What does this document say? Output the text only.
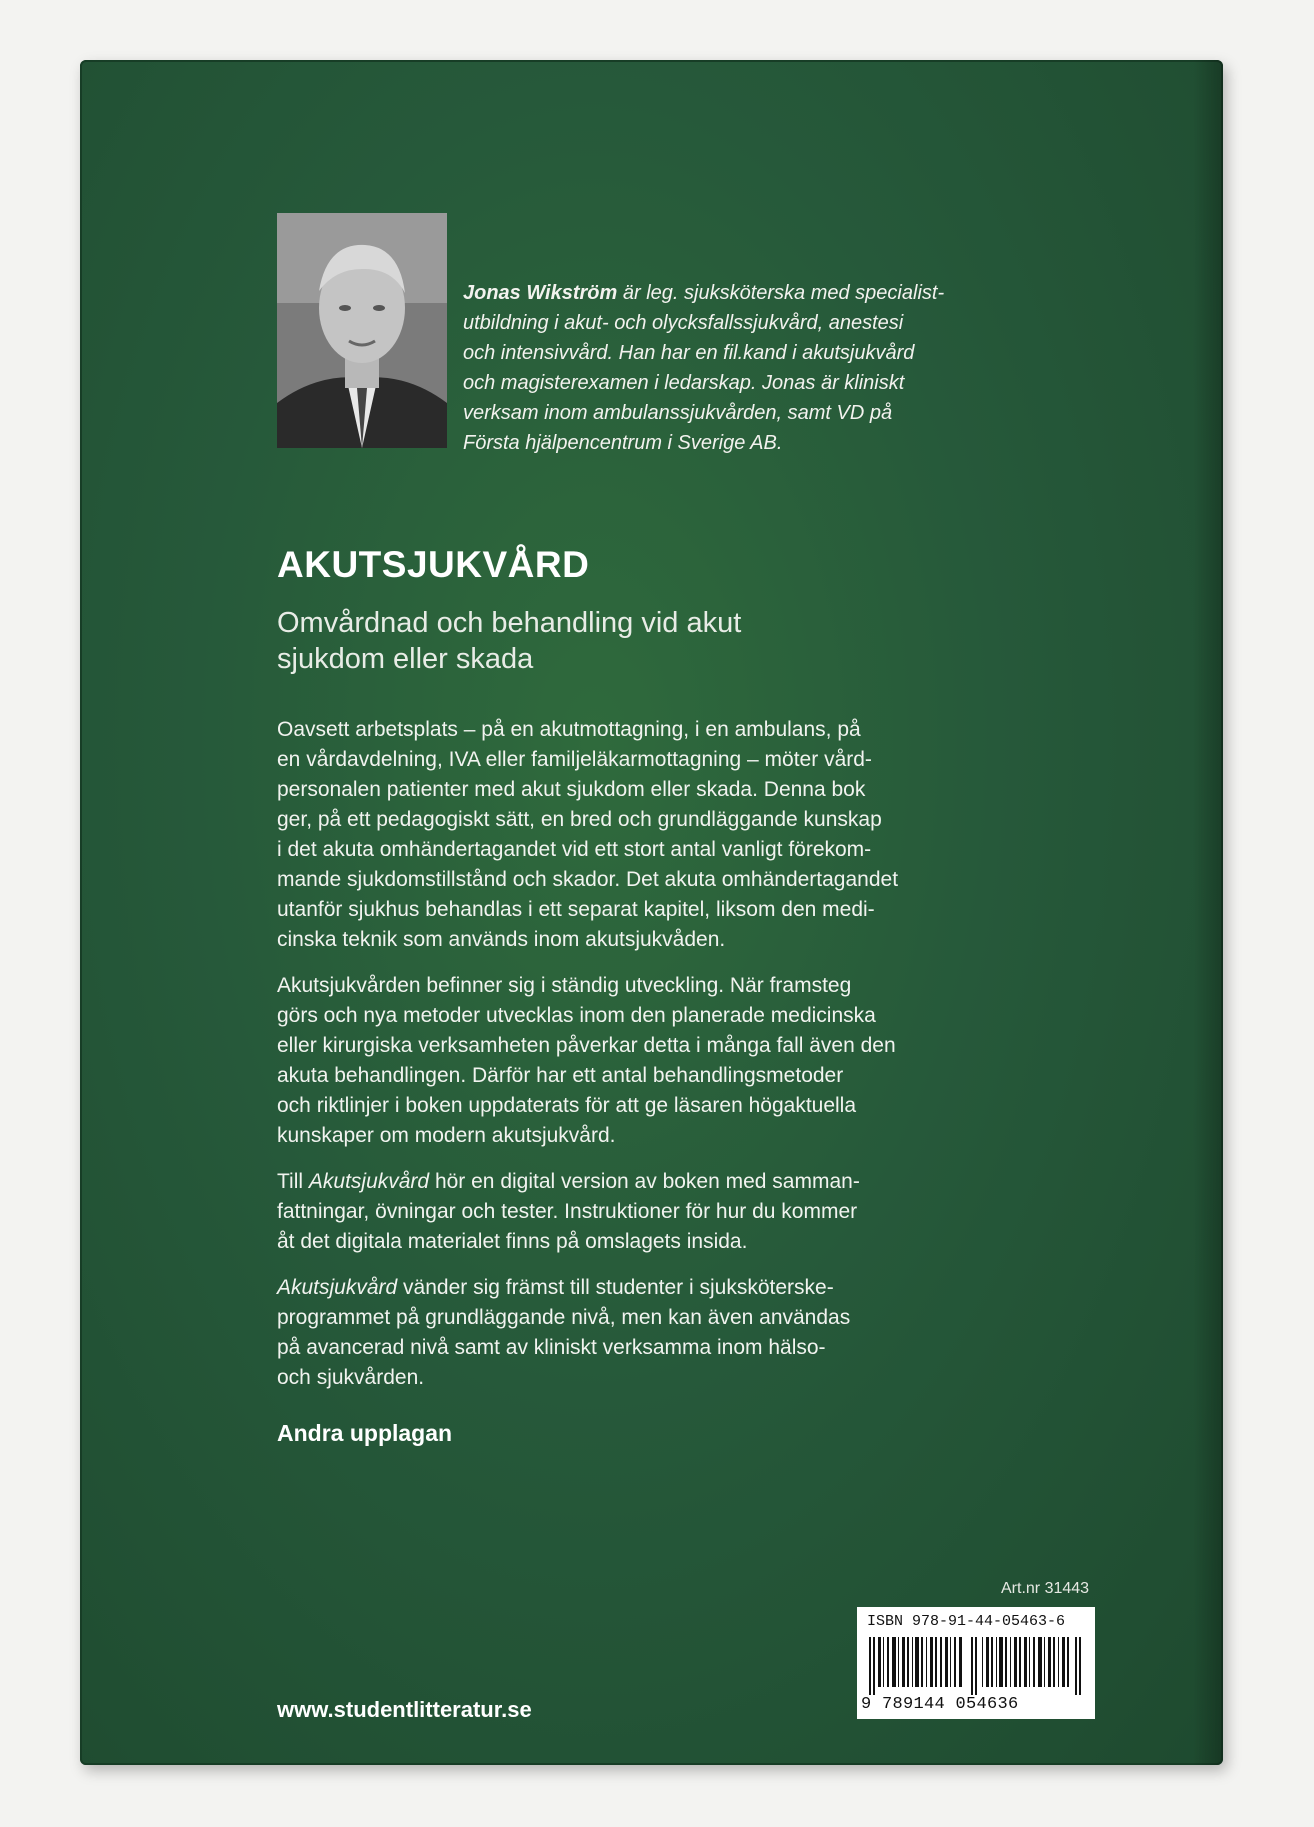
Jonas Wikström är leg. sjuksköterska med specialist-
utbildning i akut- och olycksfallssjukvård, anestesi
och intensivvård. Han har en fil.kand i akutsjukvård
och magisterexamen i ledarskap. Jonas är kliniskt
verksam inom ambulanssjukvården, samt VD på
Första hjälpencentrum i Sverige AB.
AKUTSJUKVÅRD
Omvårdnad och behandling vid akut
sjukdom eller skada

Oavsett arbetsplats – på en akutmottagning, i en ambulans, på
en vårdavdelning, IVA eller familjeläkarmottagning – möter vård-
personalen patienter med akut sjukdom eller skada. Denna bok
ger, på ett pedagogiskt sätt, en bred och grundläggande kunskap
i det akuta omhändertagandet vid ett stort antal vanligt förekom-
mande sjukdomstillstånd och skador. Det akuta omhändertagandet
utanför sjukhus behandlas i ett separat kapitel, liksom den medi-
cinska teknik som används inom akutsjukvåden.

Akutsjukvården befinner sig i ständig utveckling. När framsteg
görs och nya metoder utvecklas inom den planerade medicinska
eller kirurgiska verksamheten påverkar detta i många fall även den
akuta behandlingen. Därför har ett antal behandlingsmetoder
och riktlinjer i boken uppdaterats för att ge läsaren högaktuella
kunskaper om modern akutsjukvård.

Till Akutsjukvård hör en digital version av boken med samman-
fattningar, övningar och tester. Instruktioner för hur du kommer
åt det digitala materialet finns på omslagets insida.

Akutsjukvård vänder sig främst till studenter i sjuksköterske-
programmet på grundläggande nivå, men kan även användas
på avancerad nivå samt av kliniskt verksamma inom hälso-
och sjukvården.

Andra upplagan
Art.nr 31443
ISBN 978-91-44-05463-6
9 789144 054636
www.studentlitteratur.se
